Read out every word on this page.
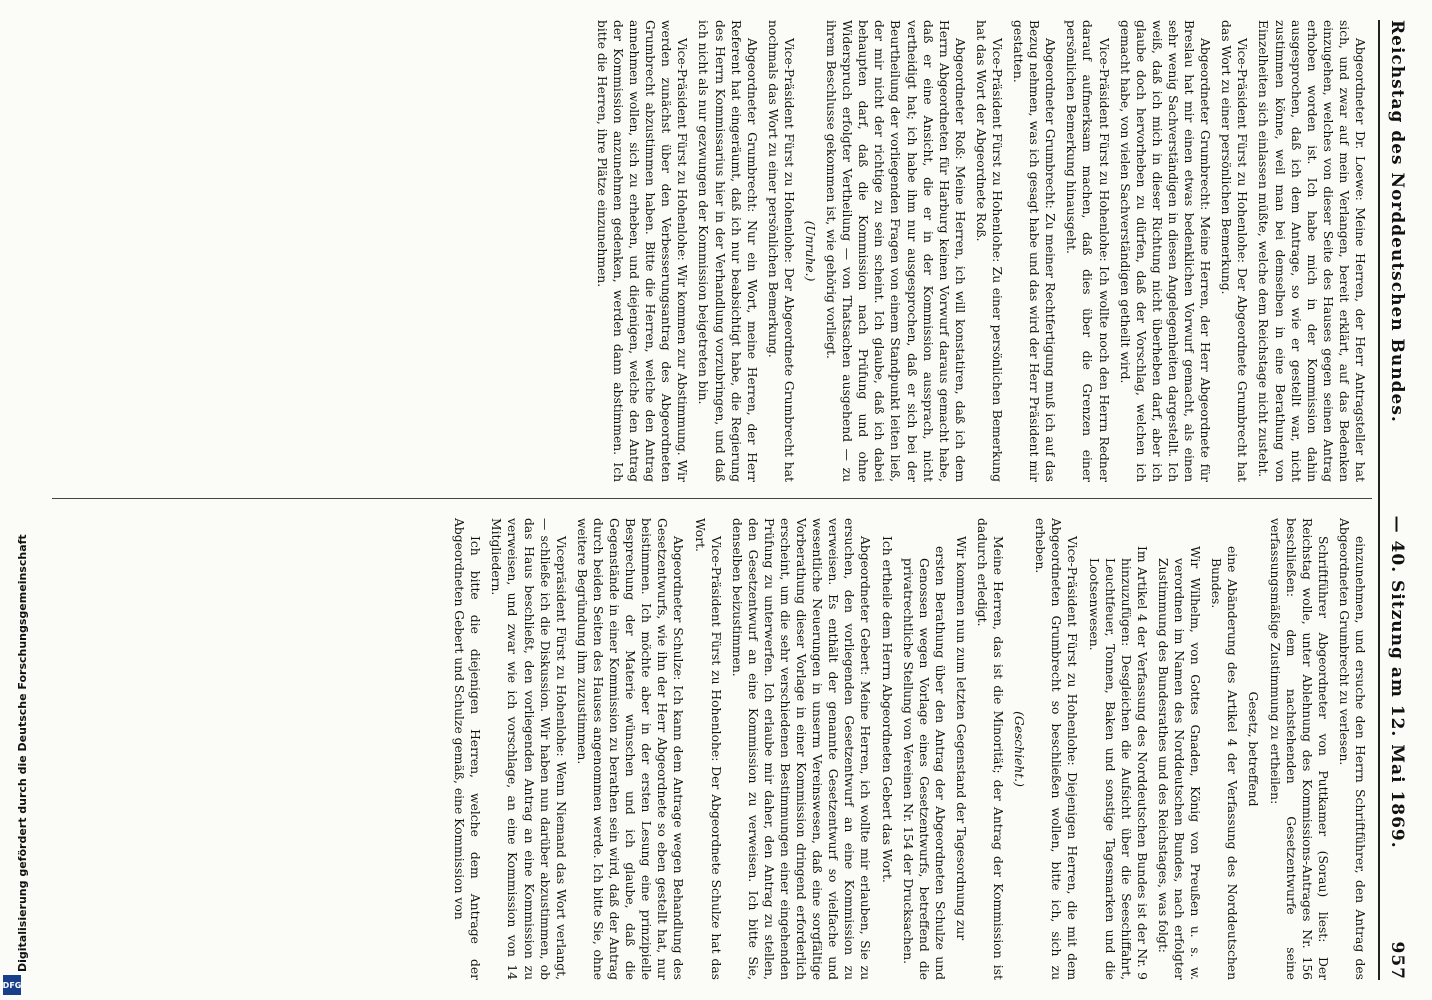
Reichstag des Norddeutschen Bundes.
— 40. Sitzung am 12. Mai 1869.
957

Abgeordneter Dr. Loewe: Meine Herren, der Herr Antragsteller hat sich, und zwar auf mein Verlangen, bereit erklärt, auf das Bedenken einzugehen, welches von dieser Seite des Hauses gegen seinen Antrag erhoben worden ist. Ich habe mich in der Kommission dahin ausgesprochen, daß ich dem Antrage, so wie er gestellt war, nicht zustimmen könne, weil man bei demselben in eine Berathung von Einzelheiten sich einlassen müßte, welche dem Reichstage nicht zusteht.

Vice-Präsident Fürst zu Hohenlohe: Der Abgeordnete Grumbrecht hat das Wort zu einer persönlichen Bemerkung.

Abgeordneter Grumbrecht: Meine Herren, der Herr Abgeordnete für Breslau hat mir einen etwas bedenklichen Vorwurf gemacht, als einen sehr wenig Sachverständigen in diesen Angelegenheiten dargestellt. Ich weiß, daß ich mich in dieser Richtung nicht überheben darf, aber ich glaube doch hervorheben zu dürfen, daß der Vorschlag, welchen ich gemacht habe, von vielen Sachverständigen getheilt wird.

Vice-Präsident Fürst zu Hohenlohe: Ich wollte noch den Herrn Redner darauf aufmerksam machen, daß dies über die Grenzen einer persönlichen Bemerkung hinausgeht.

Abgeordneter Grumbrecht: Zu meiner Rechtfertigung muß ich auf das Bezug nehmen, was ich gesagt habe und das wird der Herr Präsident mir gestatten.

Vice-Präsident Fürst zu Hohenlohe: Zu einer persönlichen Bemerkung hat das Wort der Abgeordnete Roß.

Abgeordneter Roß: Meine Herren, ich will konstatiren, daß ich dem Herrn Abgeordneten für Harburg keinen Vorwurf daraus gemacht habe, daß er eine Ansicht, die er in der Kommission aussprach, nicht vertheidigt hat; ich habe ihm nur ausgesprochen, daß er sich bei der Beurtheilung der vorliegenden Fragen von einem Standpunkt leiten ließ, der mir nicht der richtige zu sein scheint. Ich glaube, daß ich dabei behaupten darf, daß die Kommission nach Prüfung und ohne Widerspruch erfolgter Vertheilung — von Thatsachen ausgehend — zu ihrem Beschlusse gekommen ist, wie gehörig vorliegt.

(Unruhe.)

Vice-Präsident Fürst zu Hohenlohe: Der Abgeordnete Grumbrecht hat nochmals das Wort zu einer persönlichen Bemerkung.

Abgeordneter Grumbrecht: Nur ein Wort, meine Herren, der Herr Referent hat eingeräumt, daß ich nur beabsichtigt habe, die Regierung des Herrn Kommissarius hier in der Verhandlung vorzubringen, und daß ich nicht als nur gezwungen der Kommission beigetreten bin.

Vice-Präsident Fürst zu Hohenlohe: Wir kommen zur Abstimmung. Wir werden zunächst über den Verbesserungsantrag des Abgeordneten Grumbrecht abzustimmen haben. Bitte die Herren, welche den Antrag annehmen wollen, sich zu erheben, und diejenigen, welche den Antrag der Kommission anzunehmen gedenken, werden dann abstimmen. Ich bitte die Herren, ihre Plätze einzunehmen.

einzunehmen, und ersuche den Herrn Schriftführer, den Antrag des Abgeordneten Grumbrecht zu verlesen.

Schriftführer Abgeordneter von Puttkamer (Sorau) liest: Der Reichstag wolle, unter Ablehnung des Kommissions-Antrages Nr. 156 beschließen: dem nachstehenden Gesetzentwurfe seine verfassungsmäßige Zustimmung zu ertheilen:

Gesetz, betreffend

eine Abänderung des Artikel 4 der Verfassung des Norddeutschen Bundes.

Wir Wilhelm, von Gottes Gnaden, König von Preußen u. s. w. verordnen im Namen des Norddeutschen Bundes, nach erfolgter Zustimmung des Bundesrathes und des Reichstages, was folgt:

Im Artikel 4 der Verfassung des Norddeutschen Bundes ist der Nr. 9 hinzuzufügen: Desgleichen die Aufsicht über die Seeschiffahrt, Leuchtfeuer, Tonnen, Baken und sonstige Tagesmarken und die Lootsenwesen.

Vice-Präsident Fürst zu Hohenlohe: Diejenigen Herren, die mit dem Abgeordneten Grumbrecht so beschließen wollen, bitte ich, sich zu erheben.

(Geschieht.)

Meine Herren, das ist die Minorität; der Antrag der Kommission ist dadurch erledigt.

Wir kommen nun zum letzten Gegenstand der Tagesordnung zur

ersten Berathung über den Antrag der Abgeordneten Schulze und Genossen wegen Vorlage eines Gesetzentwurfs, betreffend die privatrechtliche Stellung von Vereinen Nr. 154 der Drucksachen.

Ich ertheile dem Herrn Abgeordneten Gebert das Wort.

Abgeordneter Gebert: Meine Herren, ich wollte mir erlauben, Sie zu ersuchen, den vorliegenden Gesetzentwurf an eine Kommission zu verweisen. Es enthält der genannte Gesetzentwurf so vielfache und wesentliche Neuerungen in unserm Vereinswesen, daß eine sorgfältige Vorberathung dieser Vorlage in einer Kommission dringend erforderlich erscheint, um die sehr verschiedenen Bestimmungen einer eingehenden Prüfung zu unterwerfen. Ich erlaube mir daher, den Antrag zu stellen, den Gesetzentwurf an eine Kommission zu verweisen. Ich bitte Sie, denselben beizustimmen.

Vice-Präsident Fürst zu Hohenlohe: Der Abgeordnete Schulze hat das Wort.

Abgeordneter Schulze: Ich kann dem Antrage wegen Behandlung des Gesetzentwurfs, wie ihn der Herr Abgeordnete so eben gestellt hat, nur beistimmen. Ich möchte aber in der ersten Lesung eine prinzipielle Besprechung der Materie wünschen und ich glaube, daß die Gegenstände in einer Kommission zu berathen sein wird, daß der Antrag durch beiden Seiten des Hauses angenommen werde. Ich bitte Sie, ohne weitere Begründung ihm zuzustimmen.

Vicepräsident Fürst zu Hohenlohe: Wenn Niemand das Wort verlangt, — schließe ich die Diskussion. Wir haben nun darüber abzustimmen, ob das Haus beschließt, den vorliegenden Antrag an eine Kommission zu verweisen, und zwar wie ich vorschlage, an eine Kommission von 14 Mitgliedern.

Ich bitte die diejenigen Herren, welche dem Antrage der Abgeordneten Gebert und Schulze gemäß, eine Kommission von

Digitalisierung gefördert durch die Deutsche Forschungsgemeinschaft
DFG
